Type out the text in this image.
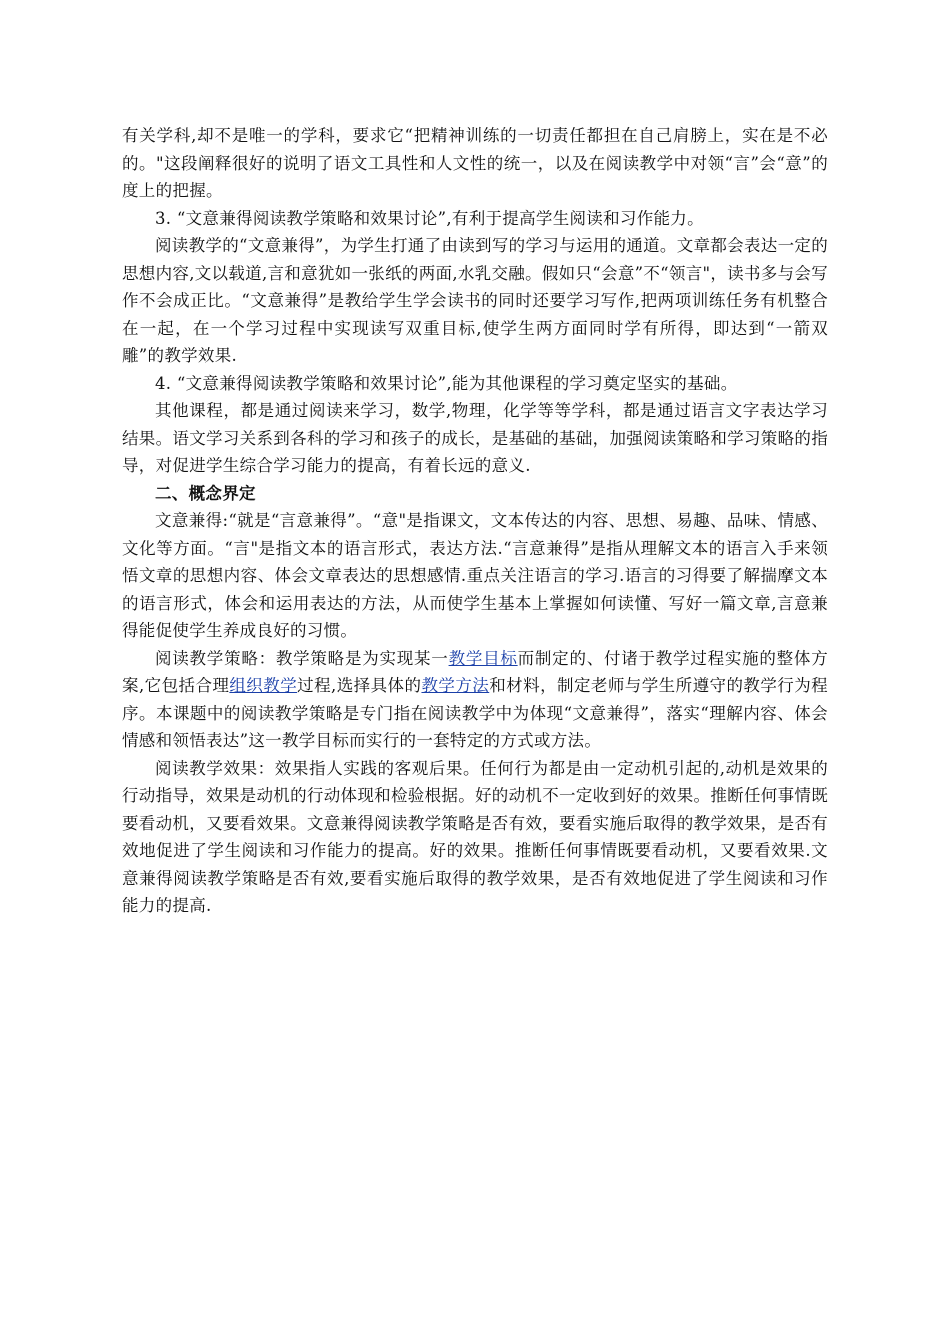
有关学科,却不是唯一的学科，要求它“把精神训练的一切责任都担在自己肩膀上，实在是不必的。"这段阐释很好的说明了语文工具性和人文性的统一，以及在阅读教学中对领“言”会“意”的度上的把握。

3. “文意兼得阅读教学策略和效果讨论”,有利于提高学生阅读和习作能力。

阅读教学的“文意兼得”，为学生打通了由读到写的学习与运用的通道。文章都会表达一定的思想内容,文以载道,言和意犹如一张纸的两面,水乳交融。假如只“会意”不“领言"，读书多与会写作不会成正比。“文意兼得”是教给学生学会读书的同时还要学习写作,把两项训练任务有机整合在一起，在一个学习过程中实现读写双重目标,使学生两方面同时学有所得，即达到“一箭双雕”的教学效果.

4. “文意兼得阅读教学策略和效果讨论”,能为其他课程的学习奠定坚实的基础。

其他课程，都是通过阅读来学习，数学,物理，化学等等学科，都是通过语言文字表达学习结果。语文学习关系到各科的学习和孩子的成长，是基础的基础，加强阅读策略和学习策略的指导，对促进学生综合学习能力的提高，有着长远的意义.

二、概念界定

文意兼得:“就是“言意兼得”。“意"是指课文，文本传达的内容、思想、易趣、品味、情感、文化等方面。“言"是指文本的语言形式，表达方法.“言意兼得”是指从理解文本的语言入手来领悟文章的思想内容、体会文章表达的思想感情.重点关注语言的学习.语言的习得要了解揣摩文本的语言形式，体会和运用表达的方法，从而使学生基本上掌握如何读懂、写好一篇文章,言意兼得能促使学生养成良好的习惯。

阅读教学策略：教学策略是为实现某一教学目标而制定的、付诸于教学过程实施的整体方案,它包括合理组织教学过程,选择具体的教学方法和材料，制定老师与学生所遵守的教学行为程序。本课题中的阅读教学策略是专门指在阅读教学中为体现“文意兼得”，落实“理解内容、体会情感和领悟表达”这一教学目标而实行的一套特定的方式或方法。

阅读教学效果：效果指人实践的客观后果。任何行为都是由一定动机引起的,动机是效果的行动指导，效果是动机的行动体现和检验根据。好的动机不一定收到好的效果。推断任何事情既要看动机，又要看效果。文意兼得阅读教学策略是否有效，要看实施后取得的教学效果，是否有效地促进了学生阅读和习作能力的提高。好的效果。推断任何事情既要看动机，又要看效果.文意兼得阅读教学策略是否有效,要看实施后取得的教学效果，是否有效地促进了学生阅读和习作能力的提高.
